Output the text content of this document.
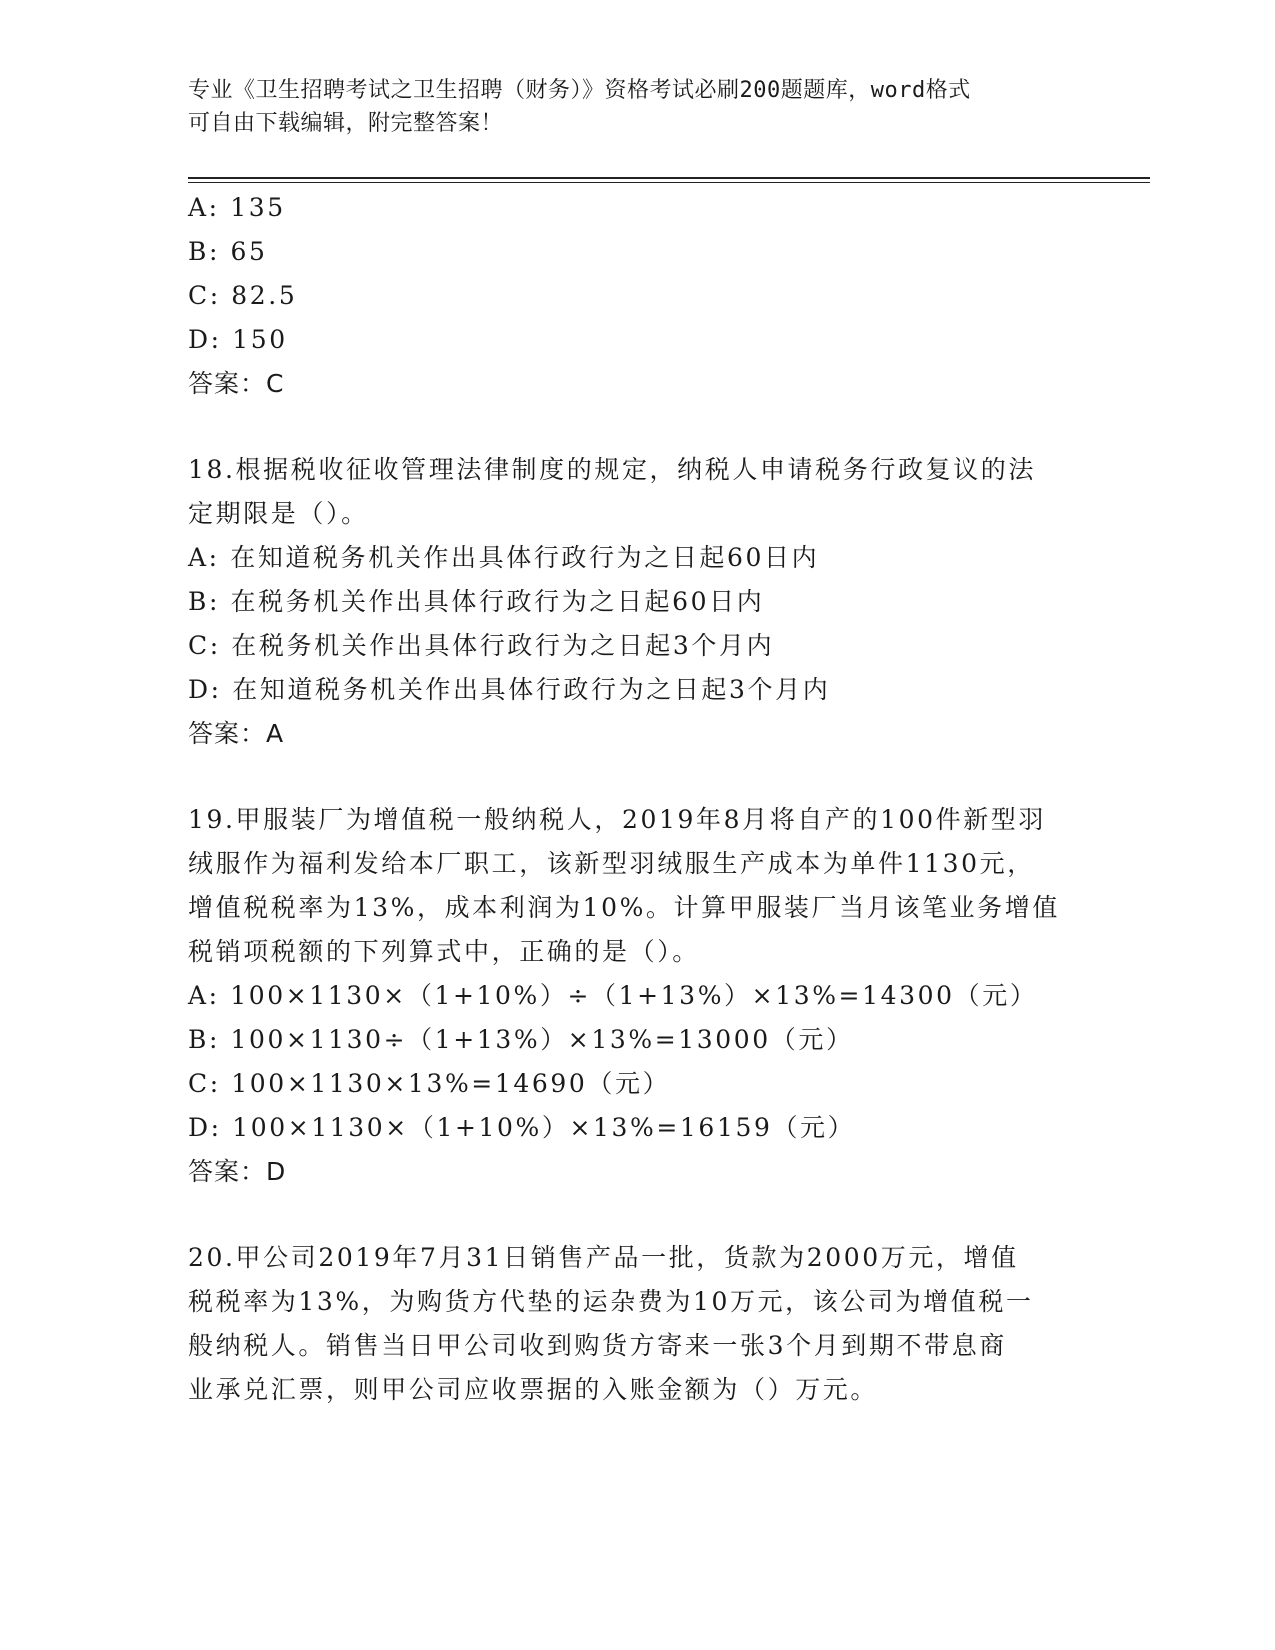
专业《卫生招聘考试之卫生招聘（财务）》资格考试必刷200题题库，word格式
可自由下载编辑，附完整答案！
A: 135
B: 65
C: 82.5
D: 150
答案：C
18.根据税收征收管理法律制度的规定，纳税人申请税务行政复议的法
定期限是（）。
A: 在知道税务机关作出具体行政行为之日起60日内
B: 在税务机关作出具体行政行为之日起60日内
C: 在税务机关作出具体行政行为之日起3个月内
D: 在知道税务机关作出具体行政行为之日起3个月内
答案：A
19.甲服装厂为增值税一般纳税人，2019年8月将自产的100件新型羽
绒服作为福利发给本厂职工，该新型羽绒服生产成本为单件1130元，
增值税税率为13%，成本利润为10%。计算甲服装厂当月该笔业务增值
税销项税额的下列算式中，正确的是（）。
A: 100×1130×（1+10%）÷（1+13%）×13%=14300（元）
B: 100×1130÷（1+13%）×13%=13000（元）
C: 100×1130×13%=14690（元）
D: 100×1130×（1+10%）×13%=16159（元）
答案：D
20.甲公司2019年7月31日销售产品一批，货款为2000万元，增值
税税率为13%，为购货方代垫的运杂费为10万元，该公司为增值税一
般纳税人。销售当日甲公司收到购货方寄来一张3个月到期不带息商
业承兑汇票，则甲公司应收票据的入账金额为（）万元。
